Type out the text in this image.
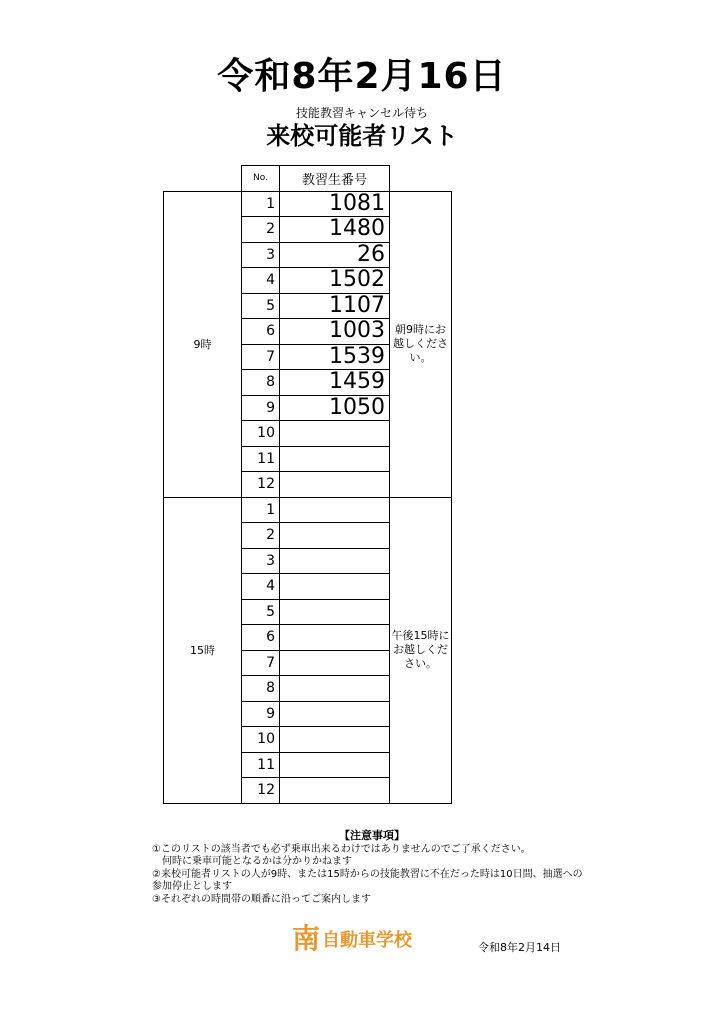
令和8年2月16日
技能教習キャンセル待ち
来校可能者リスト
	No.	教習生番号	
9時	1	1081	朝9時にお越しください。
	2	1480	
	3	26	
	4	1502	
	5	1107	
	6	1003	
	7	1539	
	8	1459	
	9	1050	
	10		
	11		
	12		
15時	1		午後15時にお越しください。
	2		
	3		
	4		
	5		
	6		
	7		
	8		
	9		
	10		
	11		
	12		
【注意事項】
①このリストの該当者でも必ず乗車出来るわけではありませんのでご了承ください。
　何時に乗車可能となるかは分かりかねます
②来校可能者リストの人が9時、または15時からの技能教習に不在だった時は10日間、抽選への参加停止とします
③それぞれの時間帯の順番に沿ってご案内します
南 自動車学校	令和8年2月14日
